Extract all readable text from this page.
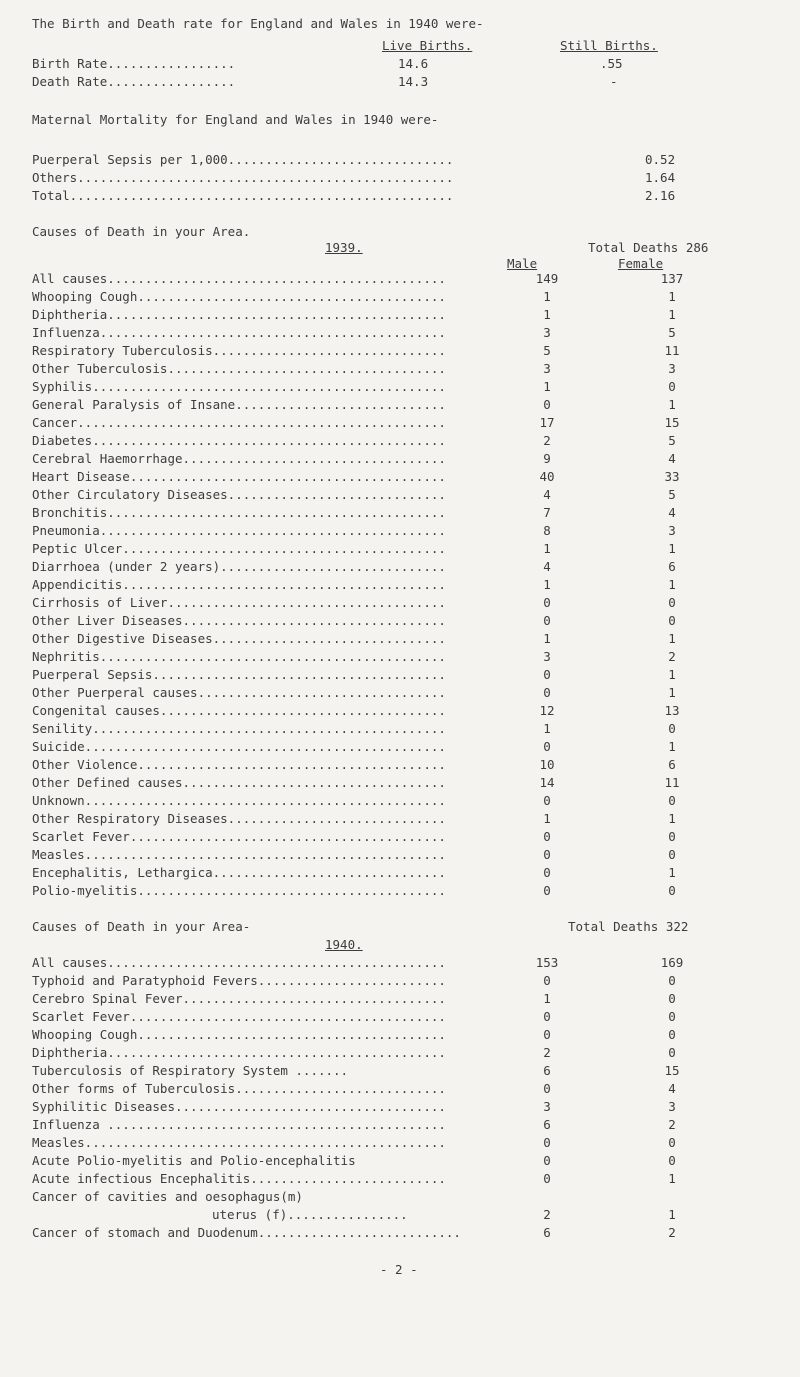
The Birth and Death rate for England and Wales in 1940 were-
Live Births.	Still Births.
Birth Rate.................	14.6	.55
Death Rate.................	14.3	-
Maternal Mortality for England and Wales in 1940 were-
Puerperal Sepsis per 1,000..............................	0.52
Others..................................................	1.64
Total...................................................	2.16
Causes of Death in your Area.
1939.	Total Deaths 286
Male	Female
All causes.............................................	149	137
Whooping Cough.........................................	1	1
Diphtheria.............................................	1	1
Influenza..............................................	3	5
Respiratory Tuberculosis...............................	5	11
Other Tuberculosis.....................................	3	3
Syphilis...............................................	1	0
General Paralysis of Insane............................	0	1
Cancer.................................................	17	15
Diabetes...............................................	2	5
Cerebral Haemorrhage...................................	9	4
Heart Disease..........................................	40	33
Other Circulatory Diseases.............................	4	5
Bronchitis.............................................	7	4
Pneumonia..............................................	8	3
Peptic Ulcer...........................................	1	1
Diarrhoea (under 2 years)..............................	4	6
Appendicitis...........................................	1	1
Cirrhosis of Liver.....................................	0	0
Other Liver Diseases...................................	0	0
Other Digestive Diseases...............................	1	1
Nephritis..............................................	3	2
Puerperal Sepsis.......................................	0	1
Other Puerperal causes.................................	0	1
Congenital causes......................................	12	13
Senility...............................................	1	0
Suicide................................................	0	1
Other Violence.........................................	10	6
Other Defined causes...................................	14	11
Unknown................................................	0	0
Other Respiratory Diseases.............................	1	1
Scarlet Fever..........................................	0	0
Measles................................................	0	0
Encephalitis, Lethargica...............................	0	1
Polio-myelitis.........................................	0	0
Causes of Death in your Area-	Total Deaths 322
1940.
All causes.............................................	153	169
Typhoid and Paratyphoid Fevers.........................	0	0
Cerebro Spinal Fever...................................	1	0
Scarlet Fever..........................................	0	0
Whooping Cough.........................................	0	0
Diphtheria.............................................	2	0
Tuberculosis of Respiratory System .......	6	15
Other forms of Tuberculosis............................	0	4
Syphilitic Diseases....................................	3	3
Influenza .............................................	6	2
Measles................................................	0	0
Acute Polio-myelitis and Polio-encephalitis	0	0
Acute infectious Encephalitis..........................	0	1
Cancer of cavities and oesophagus(m)
uterus (f)................	2	1
Cancer of stomach and Duodenum...........................	6	2
- 2 -
